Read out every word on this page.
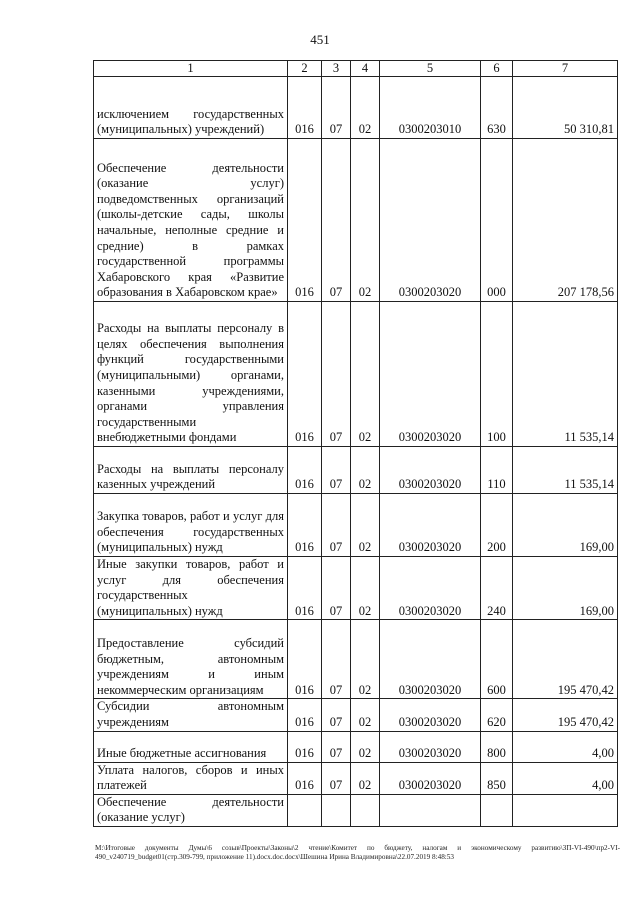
451
1	2	3	4	5	6	7
исключением государственных (муниципальных) учреждений)	016	07	02	0300203010	630	50 310,81
Обеспечение деятельности (оказание услуг) подведомственных организаций (школы-детские сады, школы начальные, неполные средние и средние) в рамках государственной программы Хабаровского края «Развитие образования в Хабаровском крае»	016	07	02	0300203020	000	207 178,56
Расходы на выплаты персоналу в целях обеспечения выполнения функций государственными (муниципальными) органами, казенными учреждениями, органами управления государственными внебюджетными фондами	016	07	02	0300203020	100	11 535,14
Расходы на выплаты персоналу казенных учреждений	016	07	02	0300203020	110	11 535,14
Закупка товаров, работ и услуг для обеспечения государственных (муниципальных) нужд	016	07	02	0300203020	200	169,00
Иные закупки товаров, работ и услуг для обеспечения государственных (муниципальных) нужд	016	07	02	0300203020	240	169,00
Предоставление субсидий бюджетным, автономным учреждениям и иным некоммерческим организациям	016	07	02	0300203020	600	195 470,42
Субсидии автономным учреждениям	016	07	02	0300203020	620	195 470,42
Иные бюджетные ассигнования	016	07	02	0300203020	800	4,00
Уплата налогов, сборов и иных платежей	016	07	02	0300203020	850	4,00
Обеспечение деятельности (оказание услуг)						
М:\Итоговые документы Думы\6 созыв\Проекты\Законы\2 чтение\Комитет по бюджету, налогам и экономическому развитию\ЗП-VI-490\пр2-VI-490_v240719_budget01(стр.309-799, приложение 11).docx.doc.docx\Шешина Ирина Владимировна\22.07.2019 8:48:53
